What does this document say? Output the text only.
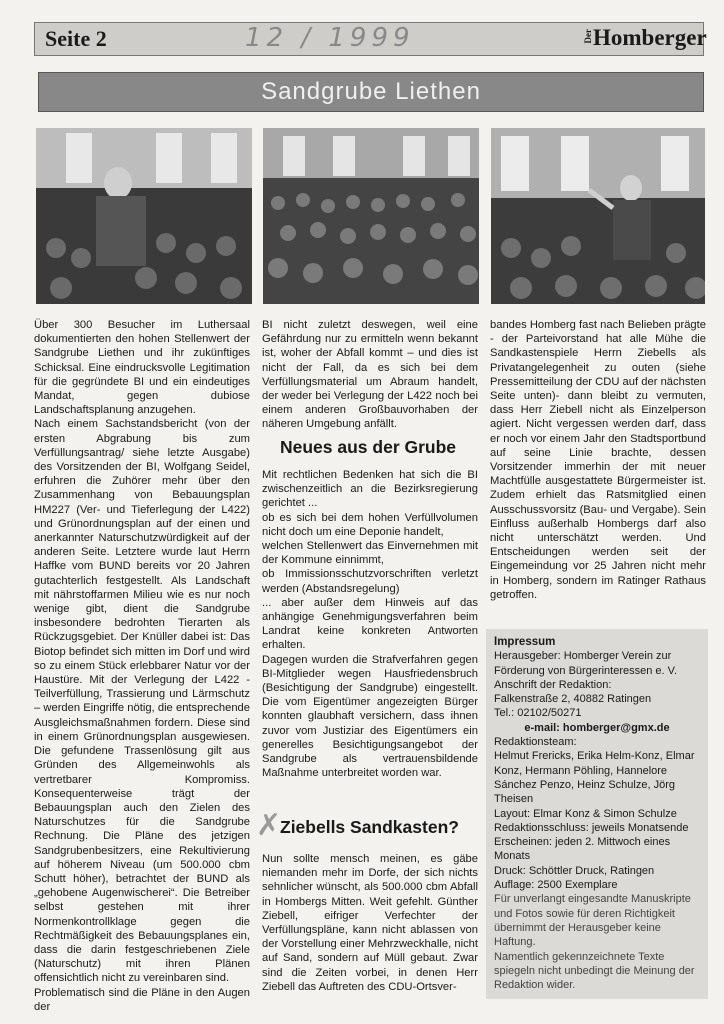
Seite 2	12 / 1999	Der Homberger
Sandgrube Liethen

Über 300 Besucher im Luthersaal dokumentierten den hohen Stellenwert der Sandgrube Liethen und ihr zukünftiges Schicksal. Eine eindrucksvolle Legitimation für die gegründete BI und ein eindeutiges Mandat, gegen dubiose Landschaftsplanung anzugehen.

Nach einem Sachstandsbericht (von der ersten Abgrabung bis zum Verfüllungsantrag/ siehe letzte Ausgabe) des Vorsitzenden der BI, Wolfgang Seidel, erfuhren die Zuhörer mehr über den Zusammenhang von Bebauungsplan HM227 (Ver- und Tieferlegung der L422) und Grünordnungsplan auf der einen und anerkannter Naturschutzwürdigkeit auf der anderen Seite. Letztere wurde laut Herrn Haffke vom BUND bereits vor 20 Jahren gutachterlich festgestellt. Als Landschaft mit nährstoffarmen Milieu wie es nur noch wenige gibt, dient die Sandgrube insbesondere bedrohten Tierarten als Rückzugsgebiet. Der Knüller dabei ist: Das Biotop befindet sich mitten im Dorf und wird so zu einem Stück erlebbarer Natur vor der Haustüre. Mit der Verlegung der L422 - Teilverfüllung, Trassierung und Lärmschutz – werden Eingriffe nötig, die entsprechende Ausgleichsmaßnahmen fordern. Diese sind in einem Grünordnungsplan ausgewiesen. Die gefundene Trassenlösung gilt aus Gründen des Allgemeinwohls als vertretbarer Kompromiss. Konsequenterweise trägt der Bebauungsplan auch den Zielen des Naturschutzes für die Sandgrube Rechnung. Die Pläne des jetzigen Sandgrubenbesitzers, eine Rekultivierung auf höherem Niveau (um 500.000 cbm Schutt höher), betrachtet der BUND als „gehobene Augenwischerei“. Die Betreiber selbst gestehen mit ihrer Normenkontrollklage gegen die Rechtmäßigkeit des Bebauungsplanes ein, dass die darin festgeschriebenen Ziele (Naturschutz) mit ihren Plänen offensichtlich nicht zu vereinbaren sind.

Problematisch sind die Pläne in den Augen der

BI nicht zuletzt deswegen, weil eine Gefährdung nur zu ermitteln wenn bekannt ist, woher der Abfall kommt – und dies ist nicht der Fall, da es sich bei dem Verfüllungsmaterial um Abraum handelt, der weder bei Verlegung der L422 noch bei einem anderen Großbauvorhaben der näheren Umgebung anfällt.

Neues aus der Grube

Mit rechtlichen Bedenken hat sich die BI zwischenzeitlich an die Bezirksregierung gerichtet ...

ob es sich bei dem hohen Verfüllvolumen nicht doch um eine Deponie handelt,

welchen Stellenwert das Einvernehmen mit der Kommune einnimmt,

ob Immissionsschutzvorschriften verletzt werden (Abstandsregelung)

... aber außer dem Hinweis auf das anhängige Genehmigungsverfahren beim Landrat keine konkreten Antworten erhalten.

Dagegen wurden die Strafverfahren gegen BI-Mitglieder wegen Hausfriedensbruch (Besichtigung der Sandgrube) eingestellt. Die vom Eigentümer angezeigten Bürger konnten glaubhaft versichern, dass ihnen zuvor vom Justiziar des Eigentümers ein generelles Besichtigungsangebot der Sandgrube als vertrauensbildende Maßnahme unterbreitet worden war.

✗
Ziebells Sandkasten?

Nun sollte mensch meinen, es gäbe niemanden mehr im Dorfe, der sich nichts sehnlicher wünscht, als 500.000 cbm Abfall in Hombergs Mitten. Weit gefehlt. Günther Ziebell, eifriger Verfechter der Verfüllungspläne, kann nicht ablassen von der Vorstellung einer Mehrzweckhalle, nicht auf Sand, sondern auf Müll gebaut. Zwar sind die Zeiten vorbei, in denen Herr Ziebell das Auftreten des CDU-Ortsver-

bandes Homberg fast nach Belieben prägte - der Parteivorstand hat alle Mühe die Sandkastenspiele Herrn Ziebells als Privatangelegenheit zu outen (siehe Pressemitteilung der CDU auf der nächsten Seite unten)- dann bleibt zu vermuten, dass Herr Ziebell nicht als Einzelperson agiert. Nicht vergessen werden darf, dass er noch vor einem Jahr den Stadtsportbund auf seine Linie brachte, dessen Vorsitzender immerhin der mit neuer Machtfülle ausgestattete Bürgermeister ist. Zudem erhielt das Ratsmitglied einen Ausschussvorsitz (Bau- und Vergabe). Sein Einfluss außerhalb Hombergs darf also nicht unterschätzt werden. Und Entscheidungen werden seit der Eingemeindung vor 25 Jahren nicht mehr in Homberg, sondern im Ratinger Rathaus getroffen.

Impressum
Herausgeber: Homberger Verein zur Förderung von Bürgerinteressen e. V.
Anschrift der Redaktion:
Falkenstraße 2, 40882 Ratingen
Tel.: 02102/50271
e-mail: homberger@gmx.de
Redaktionsteam:
Helmut Frericks, Erika Helm-Konz, Elmar Konz, Hermann Pöhling, Hannelore Sánchez Penzo, Heinz Schulze, Jörg Theisen
Layout: Elmar Konz & Simon Schulze
Redaktionsschluss: jeweils Monatsende
Erscheinen: jeden 2. Mittwoch eines Monats
Druck: Schöttler Druck, Ratingen
Auflage: 2500 Exemplare
Für unverlangt eingesandte Manuskripte und Fotos sowie für deren Richtigkeit übernimmt der Herausgeber keine Haftung.
Namentlich gekennzeichnete Texte spiegeln nicht unbedingt die Meinung der Redaktion wider.
